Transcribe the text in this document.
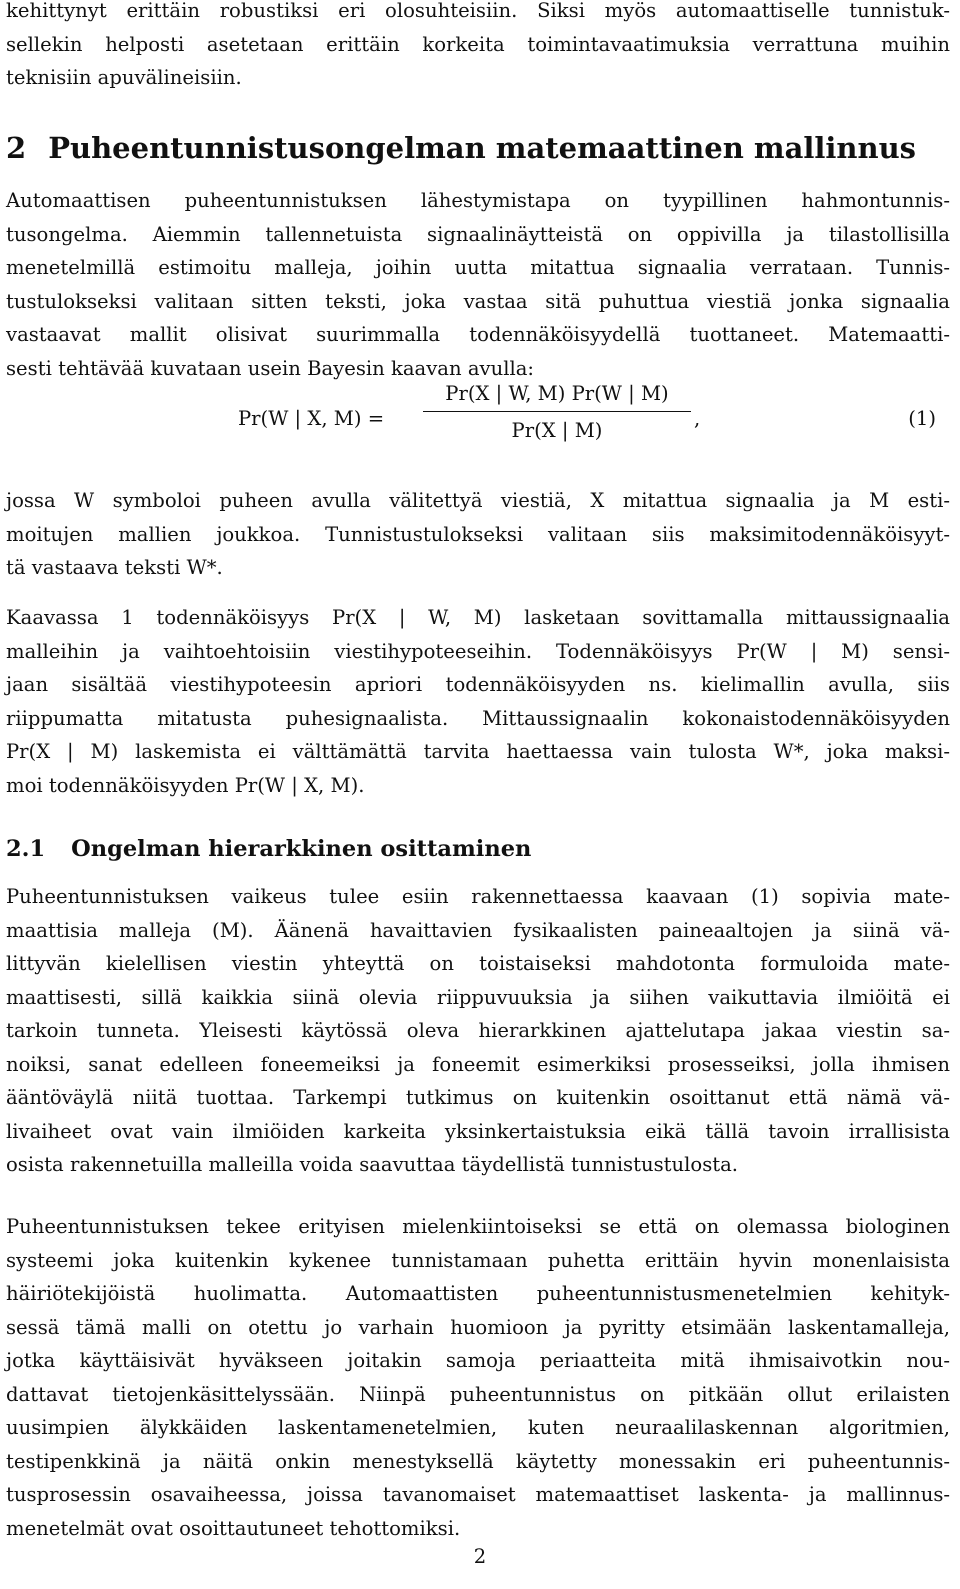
kehittynyt erittäin robustiksi eri olosuhteisiin. Siksi myös automaattiselle tunnistuk-
sellekin helposti asetetaan erittäin korkeita toimintavaatimuksia verrattuna muihin
teknisiin apuvälineisiin.

2 Puheentunnistusongelman matemaattinen mallinnus

Automaattisen puheentunnistuksen lähestymistapa on tyypillinen hahmontunnis-
tusongelma. Aiemmin tallennetuista signaalinäytteistä on oppivilla ja tilastollisilla
menetelmillä estimoitu malleja, joihin uutta mitattua signaalia verrataan. Tunnis-
tustulokseksi valitaan sitten teksti, joka vastaa sitä puhuttua viestiä jonka signaalia
vastaavat mallit olisivat suurimmalla todennäköisyydellä tuottaneet. Matemaatti-
sesti tehtävää kuvataan usein Bayesin kaavan avulla:

Pr(W | X, M) =
Pr(X | W, M) Pr(W | M)
Pr(X | M)
,	(1)

jossa W symboloi puheen avulla välitettyä viestiä, X mitattua signaalia ja M esti-
moitujen mallien joukkoa. Tunnistustulokseksi valitaan siis maksimitodennäköisyyt-
tä vastaava teksti W*.

Kaavassa 1 todennäköisyys Pr(X | W, M) lasketaan sovittamalla mittaussignaalia
malleihin ja vaihtoehtoisiin viestihypoteeseihin. Todennäköisyys Pr(W | M) sensi-
jaan sisältää viestihypoteesin apriori todennäköisyyden ns. kielimallin avulla, siis
riippumatta mitatusta puhesignaalista. Mittaussignaalin kokonaistodennäköisyyden
Pr(X | M) laskemista ei välttämättä tarvita haettaessa vain tulosta W*, joka maksi-
moi todennäköisyyden Pr(W | X, M).

2.1 Ongelman hierarkkinen osittaminen

Puheentunnistuksen vaikeus tulee esiin rakennettaessa kaavaan (1) sopivia mate-
maattisia malleja (M). Äänenä havaittavien fysikaalisten paineaaltojen ja siinä vä-
littyvän kielellisen viestin yhteyttä on toistaiseksi mahdotonta formuloida mate-
maattisesti, sillä kaikkia siinä olevia riippuvuuksia ja siihen vaikuttavia ilmiöitä ei
tarkoin tunneta. Yleisesti käytössä oleva hierarkkinen ajattelutapa jakaa viestin sa-
noiksi, sanat edelleen foneemeiksi ja foneemit esimerkiksi prosesseiksi, jolla ihmisen
ääntöväylä niitä tuottaa. Tarkempi tutkimus on kuitenkin osoittanut että nämä vä-
livaiheet ovat vain ilmiöiden karkeita yksinkertaistuksia eikä tällä tavoin irrallisista
osista rakennetuilla malleilla voida saavuttaa täydellistä tunnistustulosta.

Puheentunnistuksen tekee erityisen mielenkiintoiseksi se että on olemassa biologinen
systeemi joka kuitenkin kykenee tunnistamaan puhetta erittäin hyvin monenlaisista
häiriötekijöistä huolimatta. Automaattisten puheentunnistusmenetelmien kehityk-
sessä tämä malli on otettu jo varhain huomioon ja pyritty etsimään laskentamalleja,
jotka käyttäisivät hyväkseen joitakin samoja periaatteita mitä ihmisaivotkin nou-
dattavat tietojenkäsittelyssään. Niinpä puheentunnistus on pitkään ollut erilaisten
uusimpien älykkäiden laskentamenetelmien, kuten neuraalilaskennan algoritmien,
testipenkkinä ja näitä onkin menestyksellä käytetty monessakin eri puheentunnis-
tusprosessin osavaiheessa, joissa tavanomaiset matemaattiset laskenta- ja mallinnus-
menetelmät ovat osoittautuneet tehottomiksi.

2
